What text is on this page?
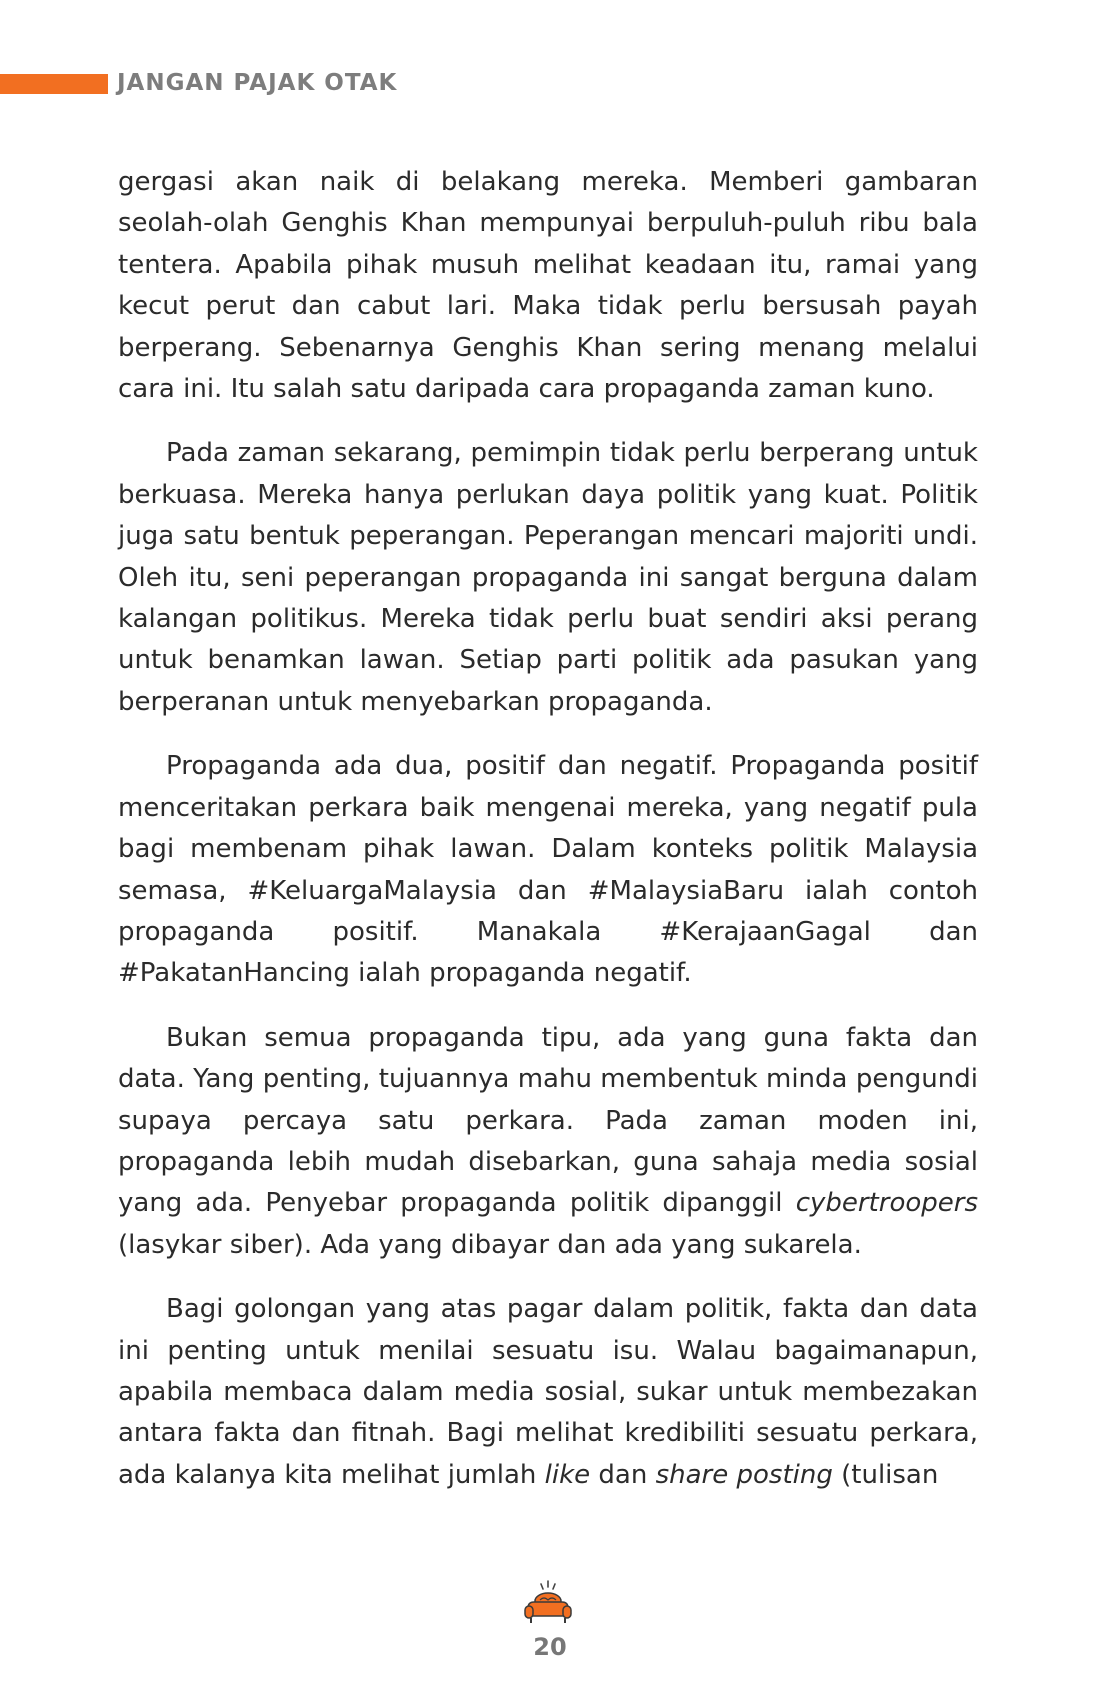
JANGAN PAJAK OTAK

gergasi akan naik di belakang mereka. Memberi gambaran seolah-olah Genghis Khan mempunyai berpuluh-puluh ribu bala tentera. Apabila pihak musuh melihat keadaan itu, ramai yang kecut perut dan cabut lari. Maka tidak perlu bersusah payah berperang. Sebenarnya Genghis Khan sering menang melalui cara ini. Itu salah satu daripada cara propaganda zaman kuno.

Pada zaman sekarang, pemimpin tidak perlu berperang untuk berkuasa. Mereka hanya perlukan daya politik yang kuat. Politik juga satu bentuk peperangan. Peperangan mencari majoriti undi. Oleh itu, seni peperangan propaganda ini sangat berguna dalam kalangan politikus. Mereka tidak perlu buat sendiri aksi perang untuk benamkan lawan. Setiap parti politik ada pasukan yang berperanan untuk menyebarkan propaganda.

Propaganda ada dua, positif dan negatif. Propaganda positif menceritakan perkara baik mengenai mereka, yang negatif pula bagi membenam pihak lawan. Dalam konteks politik Malaysia semasa, #KeluargaMalaysia dan #MalaysiaBaru ialah contoh propaganda positif. Manakala #KerajaanGagal dan #PakatanHancing ialah propaganda negatif.

Bukan semua propaganda tipu, ada yang guna fakta dan data. Yang penting, tujuannya mahu membentuk minda pengundi supaya percaya satu perkara. Pada zaman moden ini, propaganda lebih mudah disebarkan, guna sahaja media sosial yang ada. Penyebar propaganda politik dipanggil cybertroopers (lasykar siber). Ada yang dibayar dan ada yang sukarela.

Bagi golongan yang atas pagar dalam politik, fakta dan data ini penting untuk menilai sesuatu isu. Walau bagaimanapun, apabila membaca dalam media sosial, sukar untuk membezakan antara fakta dan fitnah. Bagi melihat kredibiliti sesuatu perkara, ada kalanya kita melihat jumlah like dan share posting (tulisan

20
